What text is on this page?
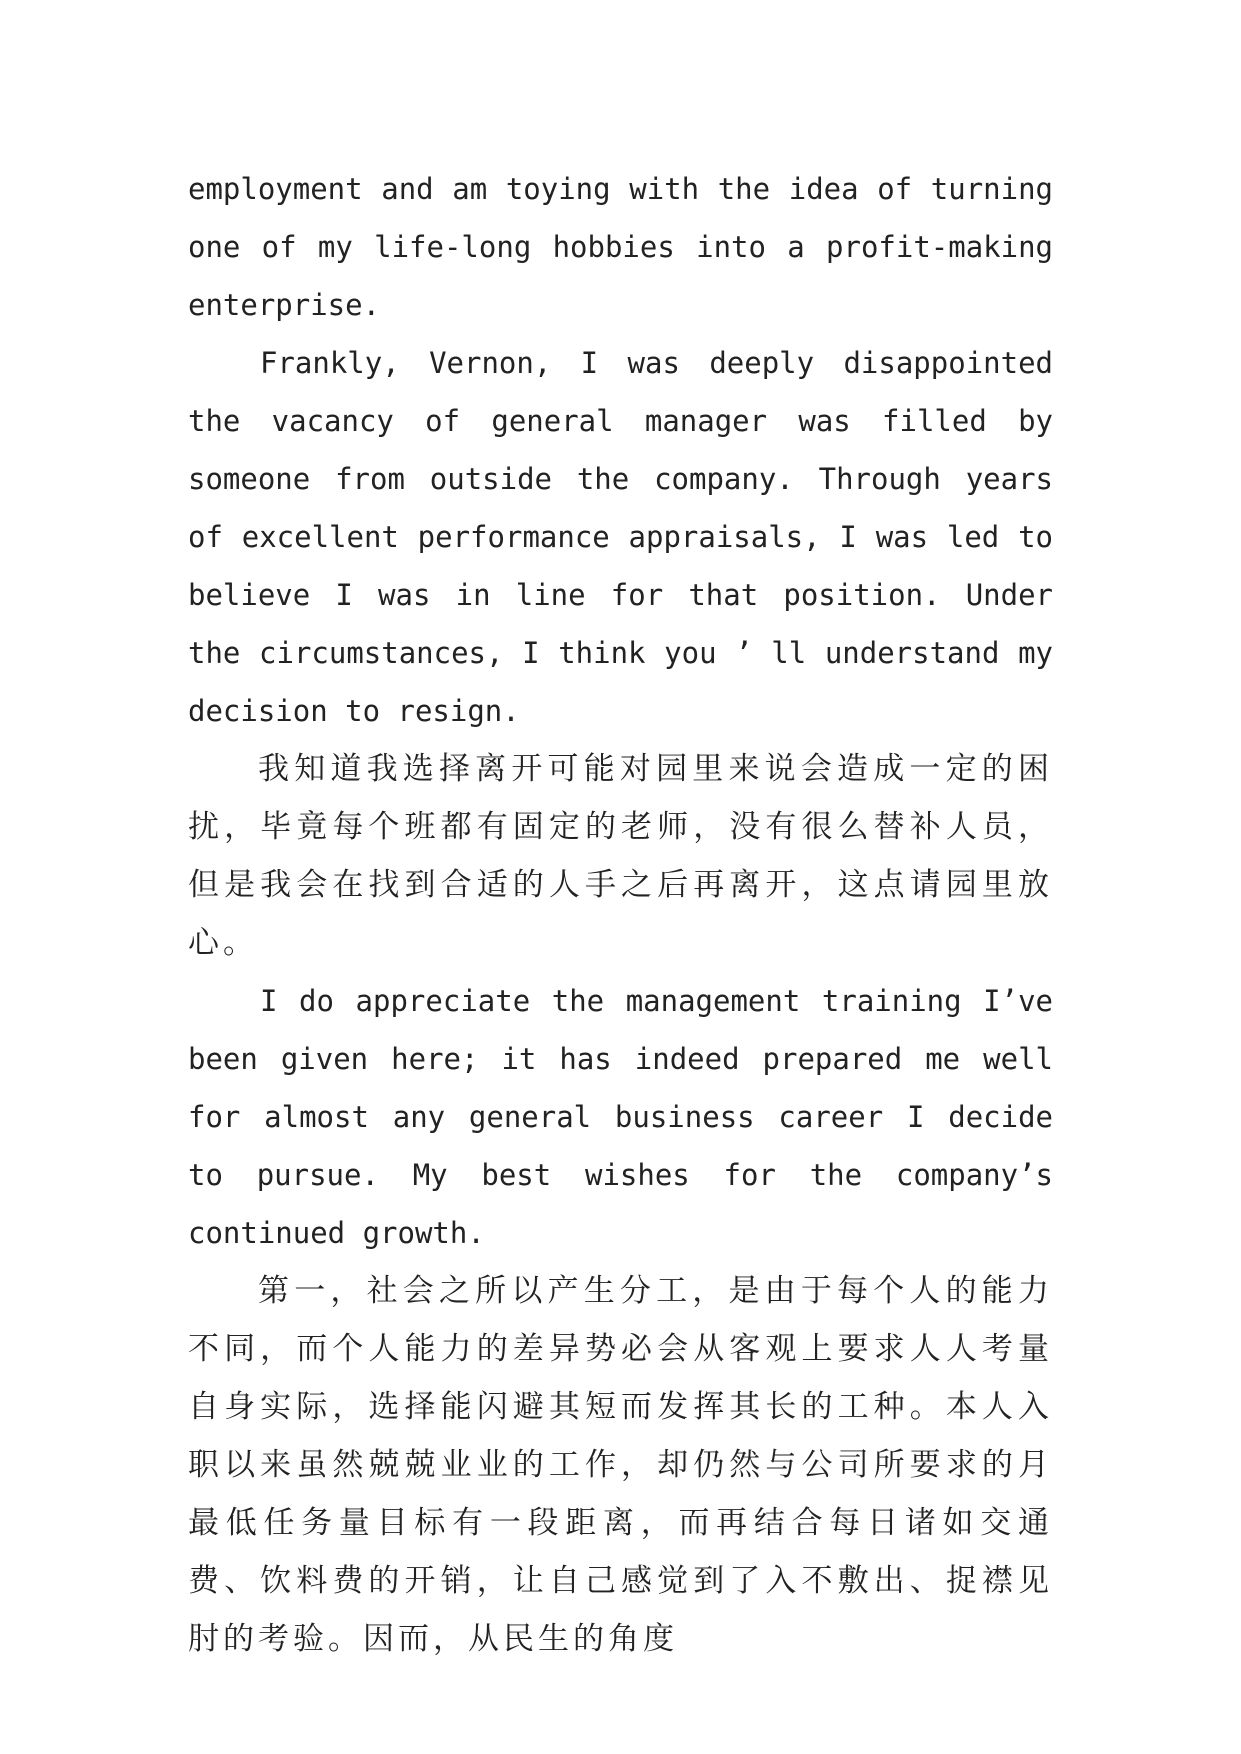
employment and am toying with the idea of turning one of my life-long hobbies into a profit-making enterprise.

Frankly, Vernon, I was deeply disappointed the vacancy of general manager was filled by someone from outside the company. Through years of excellent performance appraisals, I was led to believe I was in line for that position. Under the circumstances, I think you ’ ll understand my decision to resign.

我知道我选择离开可能对园里来说会造成一定的困扰，毕竟每个班都有固定的老师，没有很么替补人员，但是我会在找到合适的人手之后再离开，这点请园里放心。

I do appreciate the management training I’ve been given here; it has indeed prepared me well for almost any general business career I decide to pursue. My best wishes for the company’s continued growth.

第一，社会之所以产生分工，是由于每个人的能力不同，而个人能力的差异势必会从客观上要求人人考量自身实际，选择能闪避其短而发挥其长的工种。本人入职以来虽然兢兢业业的工作，却仍然与公司所要求的月最低任务量目标有一段距离，而再结合每日诸如交通费、饮料费的开销，让自己感觉到了入不敷出、捉襟见肘的考验。因而，从民生的角度
